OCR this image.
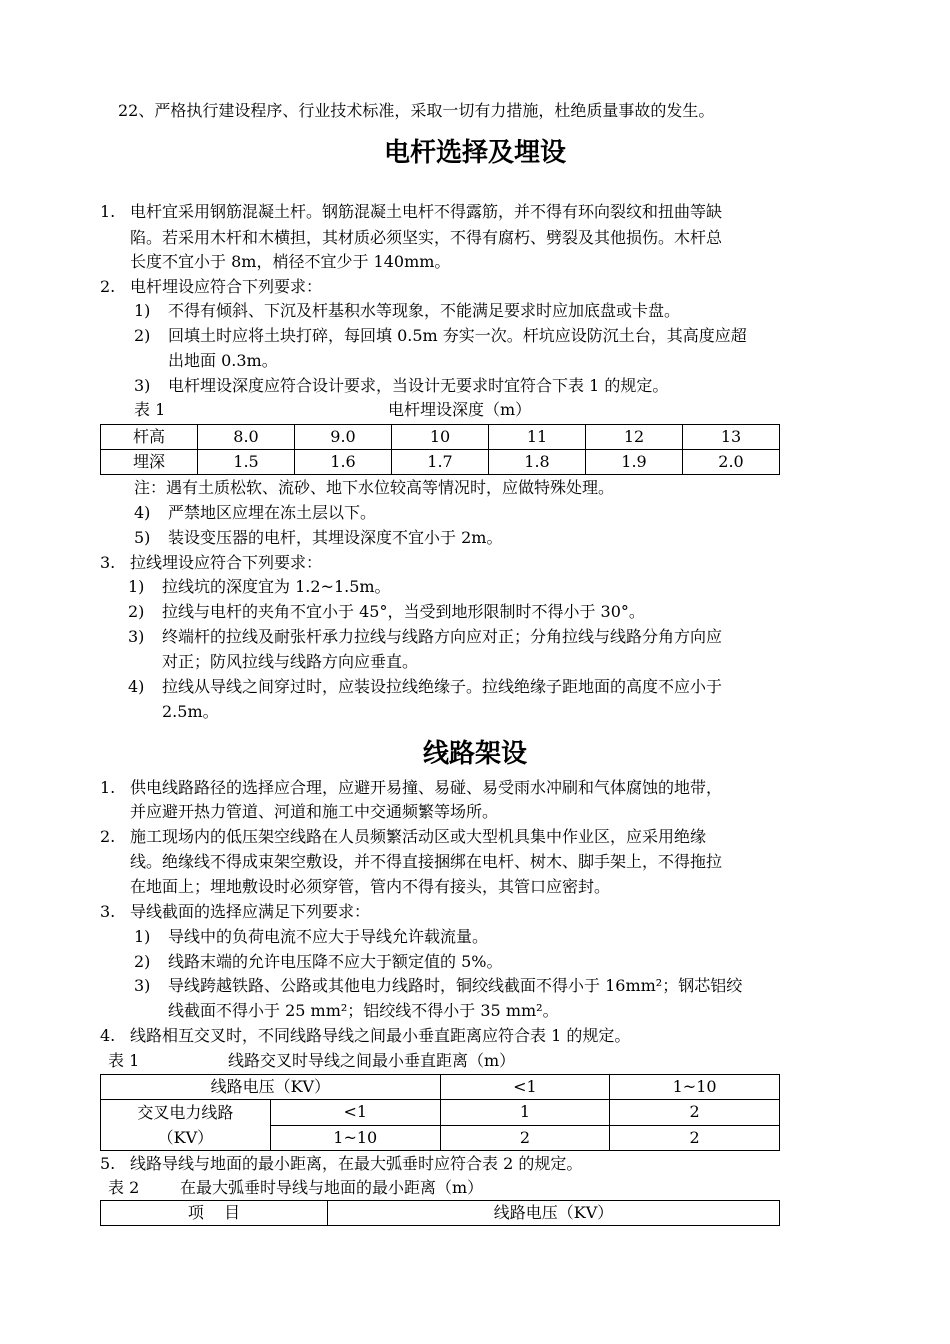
22、严格执行建设程序、行业技术标准，采取一切有力措施，杜绝质量事故的发生。
电杆选择及埋设
1. 电杆宜采用钢筋混凝土杆。钢筋混凝土电杆不得露筋，并不得有环向裂纹和扭曲等缺
陷。若采用木杆和木横担，其材质必须坚实，不得有腐朽、劈裂及其他损伤。木杆总
长度不宜小于 8m，梢径不宜少于 140mm。
2. 电杆埋设应符合下列要求：
1) 不得有倾斜、下沉及杆基积水等现象，不能满足要求时应加底盘或卡盘。
2) 回填土时应将土块打碎，每回填 0.5m 夯实一次。杆坑应设防沉土台，其高度应超
出地面 0.3m。
3) 电杆埋设深度应符合设计要求，当设计无要求时宜符合下表 1 的规定。
表 1	电杆埋设深度（m）
杆高	8.0	9.0	10	11	12	13
埋深	1.5	1.6	1.7	1.8	1.9	2.0
注：遇有土质松软、流砂、地下水位较高等情况时，应做特殊处理。
4) 严禁地区应埋在冻土层以下。
5) 装设变压器的电杆，其埋设深度不宜小于 2m。
3. 拉线埋设应符合下列要求：
1) 拉线坑的深度宜为 1.2~1.5m。
2) 拉线与电杆的夹角不宜小于 45°，当受到地形限制时不得小于 30°。
3) 终端杆的拉线及耐张杆承力拉线与线路方向应对正；分角拉线与线路分角方向应
对正；防风拉线与线路方向应垂直。
4) 拉线从导线之间穿过时，应装设拉线绝缘子。拉线绝缘子距地面的高度不应小于
2.5m。
线路架设
1. 供电线路路径的选择应合理，应避开易撞、易碰、易受雨水冲刷和气体腐蚀的地带，
并应避开热力管道、河道和施工中交通频繁等场所。
2. 施工现场内的低压架空线路在人员频繁活动区或大型机具集中作业区，应采用绝缘
线。绝缘线不得成束架空敷设，并不得直接捆绑在电杆、树木、脚手架上，不得拖拉
在地面上；埋地敷设时必须穿管，管内不得有接头，其管口应密封。
3. 导线截面的选择应满足下列要求：
1) 导线中的负荷电流不应大于导线允许载流量。
2) 线路末端的允许电压降不应大于额定值的 5%。
3) 导线跨越铁路、公路或其他电力线路时，铜绞线截面不得小于 16mm²；钢芯铝绞
线截面不得小于 25 mm²；铝绞线不得小于 35 mm²。
4. 线路相互交叉时，不同线路导线之间最小垂直距离应符合表 1 的规定。
表 1	线路交叉时导线之间最小垂直距离（m）
线路电压（KV）		<1	1~10

交叉电力线路
（KV）	<1	1	2
	1~10	2	2
5. 线路导线与地面的最小距离，在最大弧垂时应符合表 2 的规定。
表 2	在最大弧垂时导线与地面的最小距离（m）
项    目	线路电压（KV）
